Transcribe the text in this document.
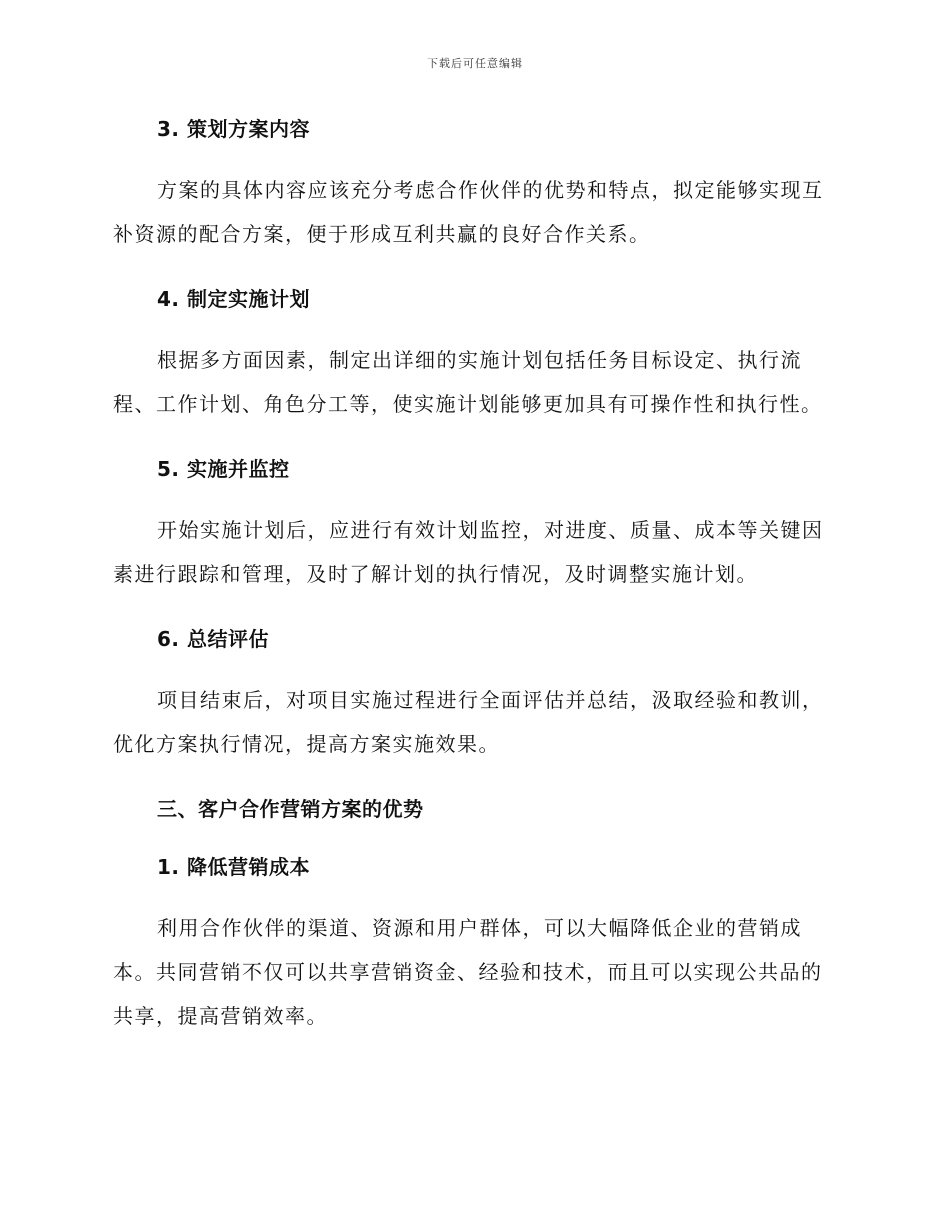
下载后可任意编辑
3. 策划方案内容

方案的具体内容应该充分考虑合作伙伴的优势和特点，拟定能够实现互补资源的配合方案，便于形成互利共赢的良好合作关系。

4. 制定实施计划

根据多方面因素，制定出详细的实施计划包括任务目标设定、执行流程、工作计划、角色分工等，使实施计划能够更加具有可操作性和执行性。

5. 实施并监控

开始实施计划后，应进行有效计划监控，对进度、质量、成本等关键因素进行跟踪和管理，及时了解计划的执行情况，及时调整实施计划。

6. 总结评估

项目结束后，对项目实施过程进行全面评估并总结，汲取经验和教训，优化方案执行情况，提高方案实施效果。

三、客户合作营销方案的优势
1. 降低营销成本

利用合作伙伴的渠道、资源和用户群体，可以大幅降低企业的营销成本。共同营销不仅可以共享营销资金、经验和技术，而且可以实现公共品的共享，提高营销效率。
